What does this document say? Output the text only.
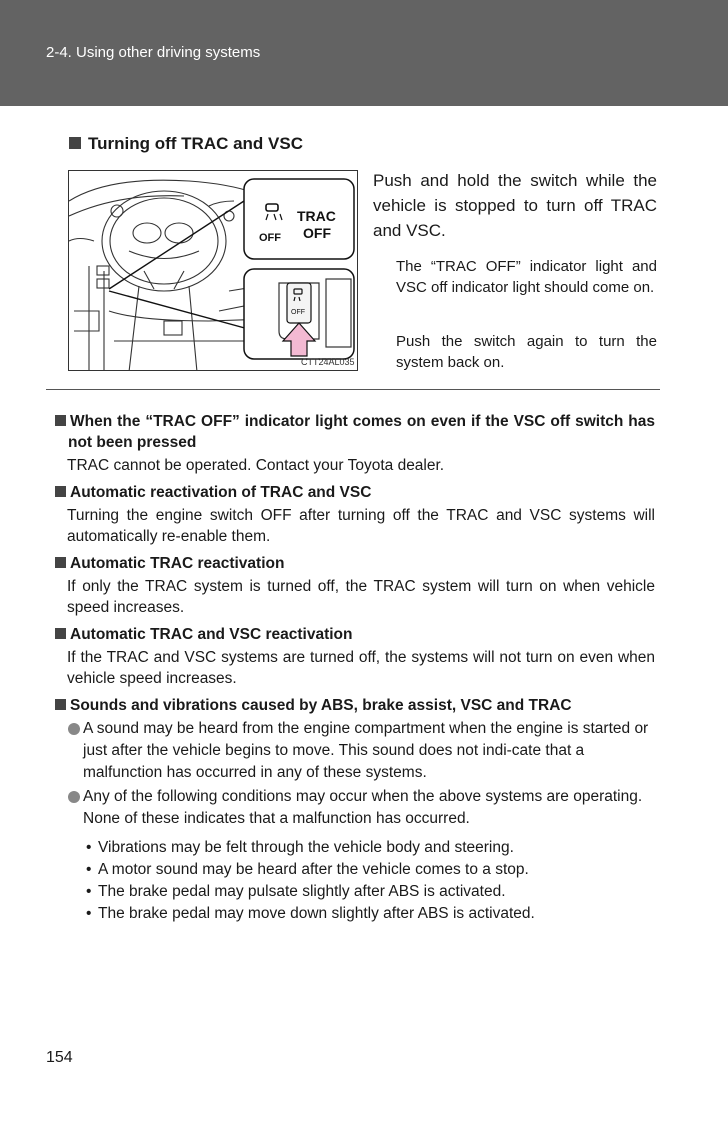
2-4. Using other driving systems
Turning off TRAC and VSC
OFF
TRAC
OFF
OFF
CTT24AL035
Push and hold the switch while the vehicle is stopped to turn off TRAC and VSC.
The “TRAC OFF” indicator light and VSC off indicator light should come on.
Push the switch again to turn the system back on.
When the “TRAC OFF” indicator light comes on even if the VSC off switch has not been pressed
TRAC cannot be operated. Contact your Toyota dealer.
Automatic reactivation of TRAC and VSC
Turning the engine switch OFF after turning off the TRAC and VSC systems will automatically re-enable them.
Automatic TRAC reactivation
If only the TRAC system is turned off, the TRAC system will turn on when vehicle speed increases.
Automatic TRAC and VSC reactivation
If the TRAC and VSC systems are turned off, the systems will not turn on even when vehicle speed increases.
Sounds and vibrations caused by ABS, brake assist, VSC and TRAC
A sound may be heard from the engine compartment when the engine is started or just after the vehicle begins to move. This sound does not indi-cate that a malfunction has occurred in any of these systems.
Any of the following conditions may occur when the above systems are operating. None of these indicates that a malfunction has occurred.
• Vibrations may be felt through the vehicle body and steering.
• A motor sound may be heard after the vehicle comes to a stop.
• The brake pedal may pulsate slightly after ABS is activated.
• The brake pedal may move down slightly after ABS is activated.
154
